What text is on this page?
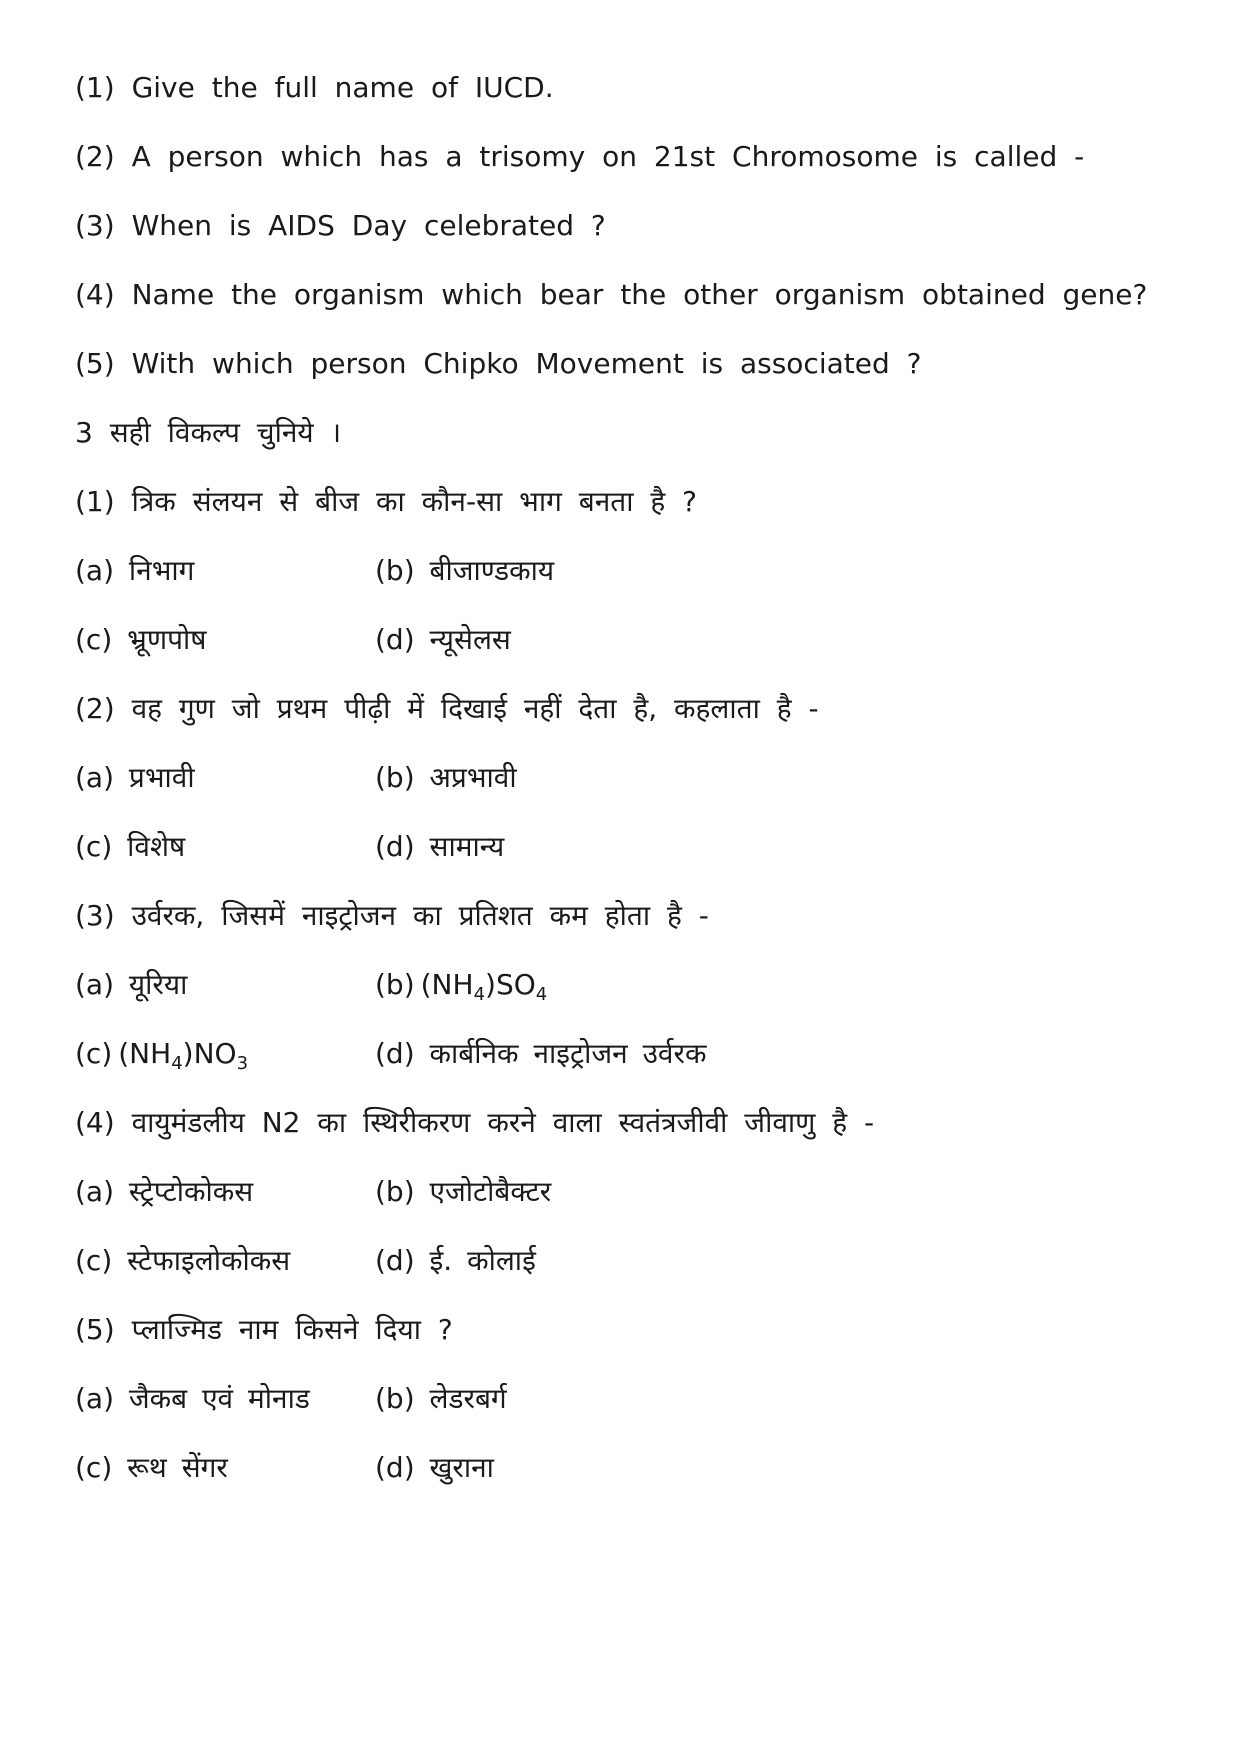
(1) Give the full name of IUCD.
(2) A person which has a trisomy on 21st Chromosome is called -
(3) When is AIDS Day celebrated ?
(4) Name the organism which bear the other organism obtained gene?
(5) With which person Chipko Movement is associated ?
3 सही विकल्प चुनिये ।
(1) त्रिक संलयन से बीज का कौन-सा भाग बनता है ?
(a) निभाग	(b) बीजाण्डकाय
(c) भ्रूणपोष	(d) न्यूसेलस
(2) वह गुण जो प्रथम पीढ़ी में दिखाई नहीं देता है, कहलाता है -
(a) प्रभावी	(b) अप्रभावी
(c) विशेष	(d) सामान्य
(3) उर्वरक, जिसमें नाइट्रोजन का प्रतिशत कम होता है -
(a) यूरिया	(b) $(NH_4)SO_4$
(c) $(NH_4)NO_3$	(d) कार्बनिक नाइट्रोजन उर्वरक
(4) वायुमंडलीय N2 का स्थिरीकरण करने वाला स्वतंत्रजीवी जीवाणु है -
(a) स्ट्रेप्टोकोकस	(b) एजोटोबैक्टर
(c) स्टेफाइलोकोकस	(d) ई. कोलाई
(5) प्लाज्मिड नाम किसने दिया ?
(a) जैकब एवं मोनाड (b) लेडरबर्ग
(c) रूथ सेंगर	(d) खुराना
